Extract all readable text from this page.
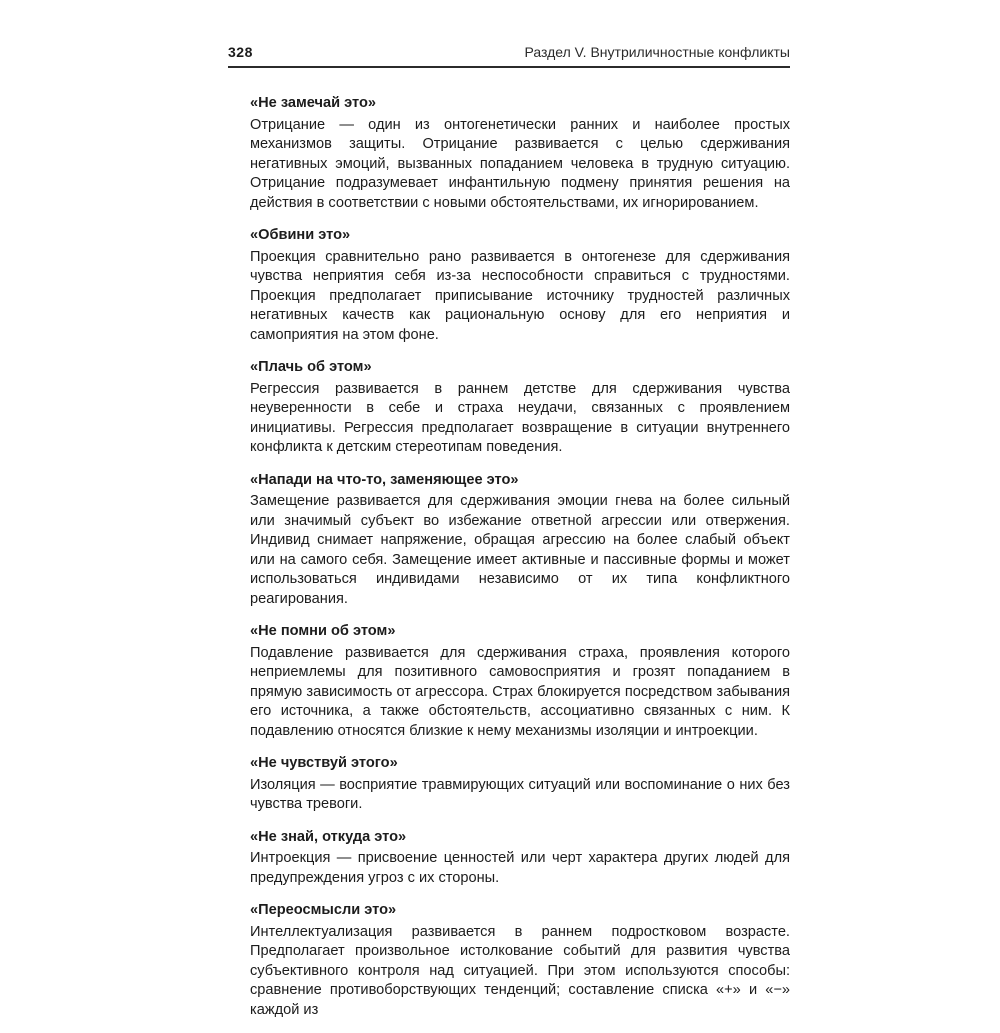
328	Раздел V. Внутриличностные конфликты
«Не замечай это»

Отрицание — один из онтогенетически ранних и наиболее простых механизмов защиты. Отрицание развивается с целью сдерживания негативных эмоций, вызванных попаданием человека в трудную ситуацию. Отрицание подразумевает инфантильную подмену принятия решения на действия в соответствии с новыми обстоятельствами, их игнорированием.

«Обвини это»

Проекция сравнительно рано развивается в онтогенезе для сдерживания чувства неприятия себя из-за неспособности справиться с трудностями. Проекция предполагает приписывание источнику трудностей различных негативных качеств как рациональную основу для его неприятия и самоприятия на этом фоне.

«Плачь об этом»

Регрессия развивается в раннем детстве для сдерживания чувства неуверенности в себе и страха неудачи, связанных с проявлением инициативы. Регрессия предполагает возвращение в ситуации внутреннего конфликта к детским стереотипам поведения.

«Напади на что-то, заменяющее это»

Замещение развивается для сдерживания эмоции гнева на более сильный или значимый субъект во избежание ответной агрессии или отвержения. Индивид снимает напряжение, обращая агрессию на более слабый объект или на самого себя. Замещение имеет активные и пассивные формы и может использоваться индивидами независимо от их типа конфликтного реагирования.

«Не помни об этом»

Подавление развивается для сдерживания страха, проявления которого неприемлемы для позитивного самовосприятия и грозят попаданием в прямую зависимость от агрессора. Страх блокируется посредством забывания его источника, а также обстоятельств, ассоциативно связанных с ним. К подавлению относятся близкие к нему механизмы изоляции и интроекции.

«Не чувствуй этого»

Изоляция — восприятие травмирующих ситуаций или воспоминание о них без чувства тревоги.

«Не знай, откуда это»

Интроекция — присвоение ценностей или черт характера других людей для предупреждения угроз с их стороны.

«Переосмысли это»

Интеллектуализация развивается в раннем подростковом возрасте. Предполагает произвольное истолкование событий для развития чувства субъективного контроля над ситуацией. При этом используются способы: сравнение противоборствующих тенденций; составление списка «+» и «−» каждой из
